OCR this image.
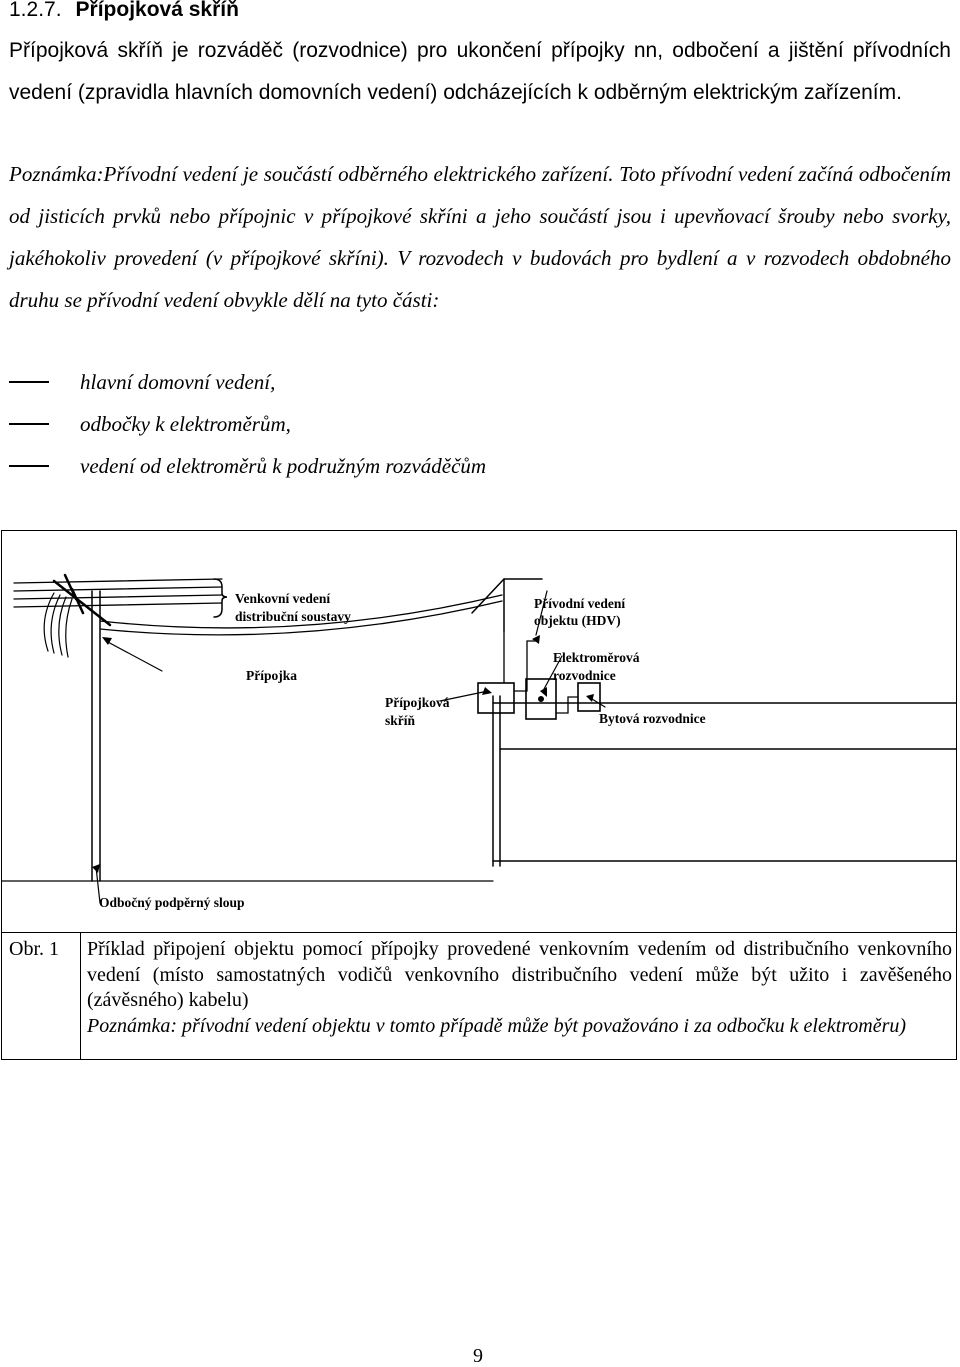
1.2.7. Přípojková skříň

Přípojková skříň je rozváděč (rozvodnice) pro ukončení přípojky nn, odbočení a jištění přívodních vedení (zpravidla hlavních domovních vedení) odcházejících k odběrným elektrickým zařízením.

Poznámka:Přívodní vedení je součástí odběrného elektrického zařízení. Toto přívodní vedení začíná odbočením od jisticích prvků nebo přípojnic v přípojkové skříni a jeho součástí jsou i upevňovací šrouby nebo svorky, jakéhokoliv provedení (v přípojkové skříni). V rozvodech v budovách pro bydlení a v rozvodech obdobného druhu se přívodní vedení obvykle dělí na tyto části:

hlavní domovní vedení,
odbočky k elektroměrům,
vedení od elektroměrů k podružným rozváděčům
Venkovní vedení
distribuční soustavy
Přípojka
Přípojková
skříň
Přívodní vedení
objektu (HDV)
Elektroměrová
rozvodnice
Bytová rozvodnice
Odbočný podpěrný sloup
Obr. 1 Příklad připojení objektu pomocí přípojky provedené venkovním vedením od distribučního venkovního vedení (místo samostatných vodičů venkovního distribučního vedení může být užito i zavěšeného (závěsného) kabelu)
Poznámka: přívodní vedení objektu v tomto případě může být považováno i za odbočku k elektroměru)
9
